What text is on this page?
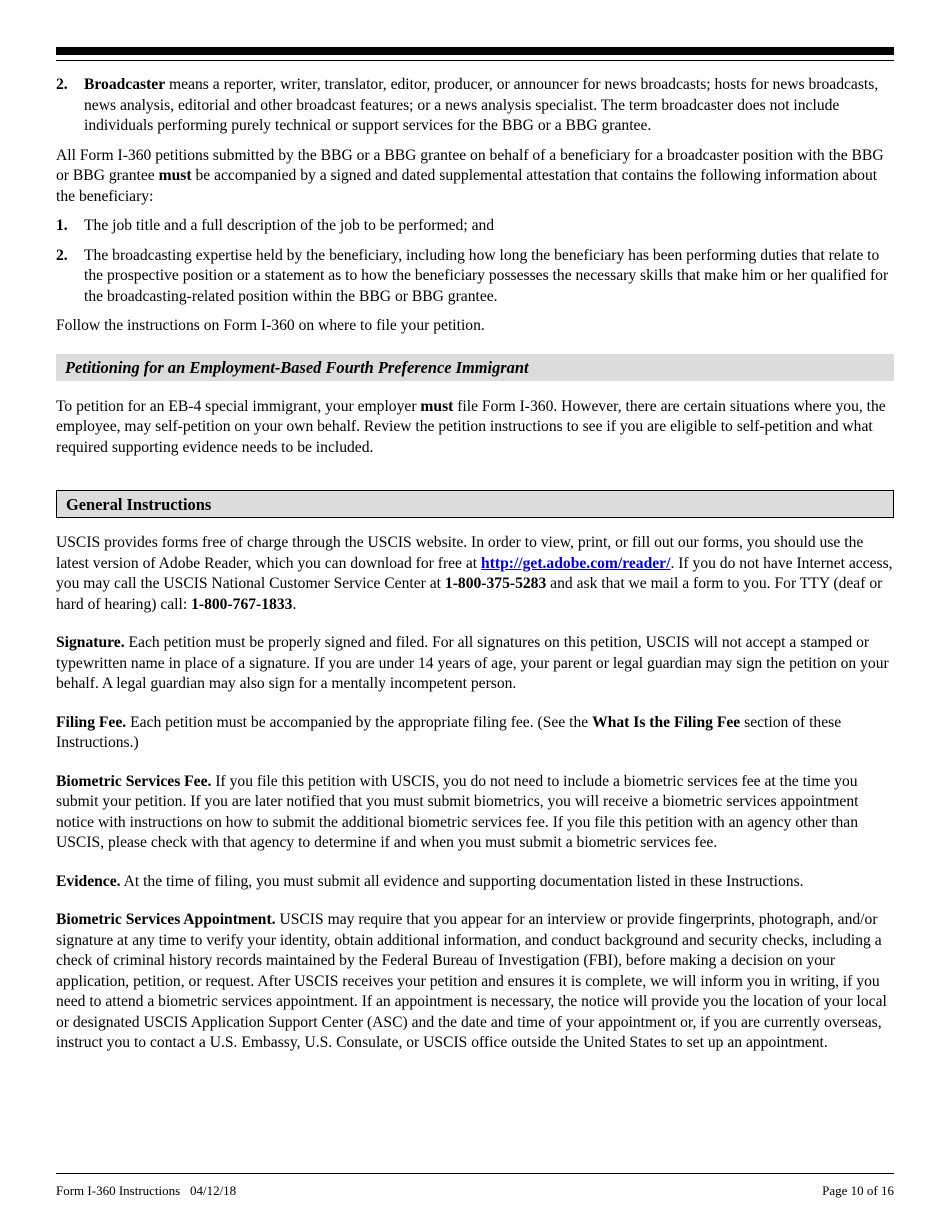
2. Broadcaster means a reporter, writer, translator, editor, producer, or announcer for news broadcasts; hosts for news broadcasts, news analysis, editorial and other broadcast features; or a news analysis specialist. The term broadcaster does not include individuals performing purely technical or support services for the BBG or a BBG grantee.

All Form I-360 petitions submitted by the BBG or a BBG grantee on behalf of a beneficiary for a broadcaster position with the BBG or BBG grantee must be accompanied by a signed and dated supplemental attestation that contains the following information about the beneficiary:

1. The job title and a full description of the job to be performed; and

2. The broadcasting expertise held by the beneficiary, including how long the beneficiary has been performing duties that relate to the prospective position or a statement as to how the beneficiary possesses the necessary skills that make him or her qualified for the broadcasting-related position within the BBG or BBG grantee.

Follow the instructions on Form I-360 on where to file your petition.

Petitioning for an Employment-Based Fourth Preference Immigrant

To petition for an EB-4 special immigrant, your employer must file Form I-360. However, there are certain situations where you, the employee, may self-petition on your own behalf. Review the petition instructions to see if you are eligible to self-petition and what required supporting evidence needs to be included.

General Instructions

USCIS provides forms free of charge through the USCIS website. In order to view, print, or fill out our forms, you should use the latest version of Adobe Reader, which you can download for free at http://get.adobe.com/reader/. If you do not have Internet access, you may call the USCIS National Customer Service Center at 1-800-375-5283 and ask that we mail a form to you. For TTY (deaf or hard of hearing) call: 1-800-767-1833.

Signature. Each petition must be properly signed and filed. For all signatures on this petition, USCIS will not accept a stamped or typewritten name in place of a signature. If you are under 14 years of age, your parent or legal guardian may sign the petition on your behalf. A legal guardian may also sign for a mentally incompetent person.

Filing Fee. Each petition must be accompanied by the appropriate filing fee. (See the What Is the Filing Fee section of these Instructions.)

Biometric Services Fee. If you file this petition with USCIS, you do not need to include a biometric services fee at the time you submit your petition. If you are later notified that you must submit biometrics, you will receive a biometric services appointment notice with instructions on how to submit the additional biometric services fee. If you file this petition with an agency other than USCIS, please check with that agency to determine if and when you must submit a biometric services fee.

Evidence. At the time of filing, you must submit all evidence and supporting documentation listed in these Instructions.

Biometric Services Appointment. USCIS may require that you appear for an interview or provide fingerprints, photograph, and/or signature at any time to verify your identity, obtain additional information, and conduct background and security checks, including a check of criminal history records maintained by the Federal Bureau of Investigation (FBI), before making a decision on your application, petition, or request. After USCIS receives your petition and ensures it is complete, we will inform you in writing, if you need to attend a biometric services appointment. If an appointment is necessary, the notice will provide you the location of your local or designated USCIS Application Support Center (ASC) and the date and time of your appointment or, if you are currently overseas, instruct you to contact a U.S. Embassy, U.S. Consulate, or USCIS office outside the United States to set up an appointment.

Form I-360 Instructions   04/12/18	Page 10 of 16
